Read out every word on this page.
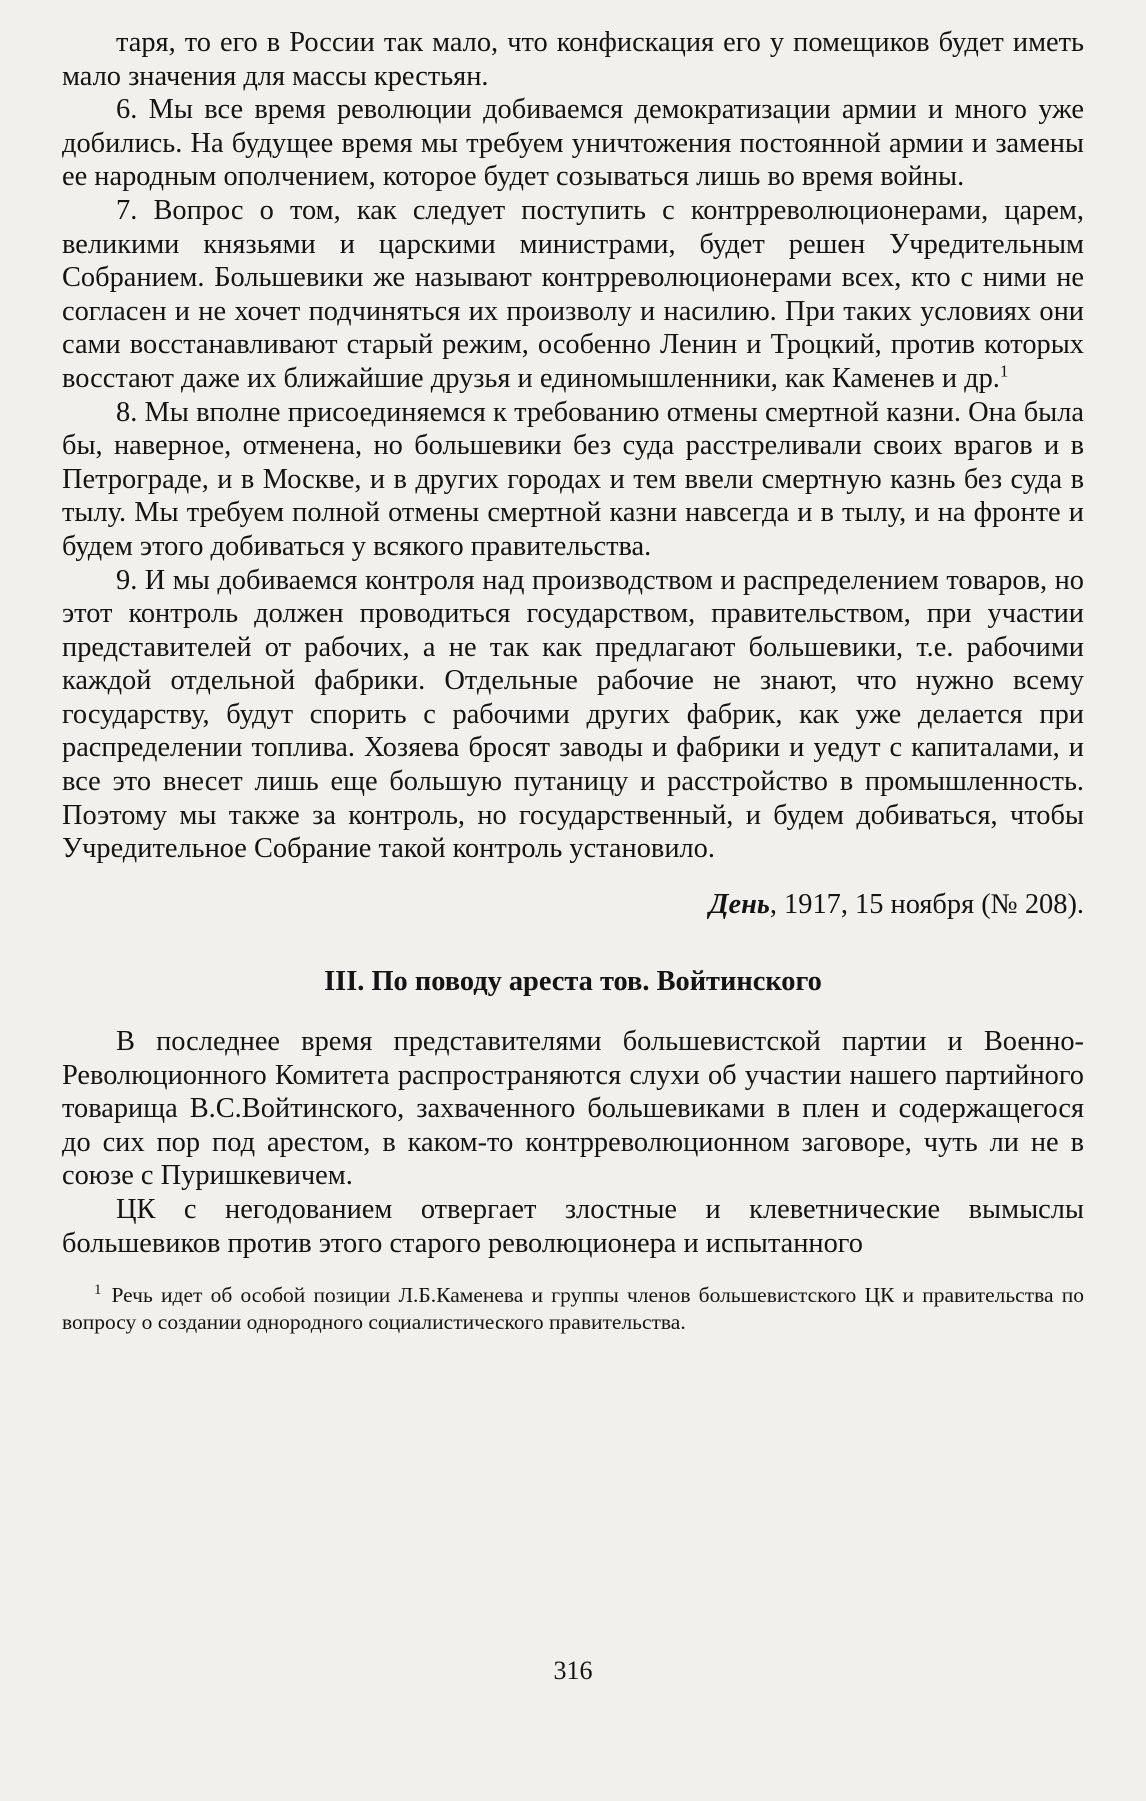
таря, то его в России так мало, что конфискация его у помещиков будет иметь мало значения для массы крестьян.

6. Мы все время революции добиваемся демократизации армии и много уже добились. На будущее время мы требуем уничтожения постоянной армии и замены ее народным ополчением, которое будет созываться лишь во время войны.

7. Вопрос о том, как следует поступить с контрреволюционерами, царем, великими князьями и царскими министрами, будет решен Учредительным Собранием. Большевики же называют контрреволюционерами всех, кто с ними не согласен и не хочет подчиняться их произволу и насилию. При таких условиях они сами восстанавливают старый режим, особенно Ленин и Троцкий, против которых восстают даже их ближайшие друзья и единомышленники, как Каменев и др.$^1$

8. Мы вполне присоединяемся к требованию отмены смертной казни. Она была бы, наверное, отменена, но большевики без суда расстреливали своих врагов и в Петрограде, и в Москве, и в других городах и тем ввели смертную казнь без суда в тылу. Мы требуем полной отмены смертной казни навсегда и в тылу, и на фронте и будем этого добиваться у всякого правительства.

9. И мы добиваемся контроля над производством и распределением товаров, но этот контроль должен проводиться государством, правительством, при участии представителей от рабочих, а не так как предлагают большевики, т.е. рабочими каждой отдельной фабрики. Отдельные рабочие не знают, что нужно всему государству, будут спорить с рабочими других фабрик, как уже делается при распределении топлива. Хозяева бросят заводы и фабрики и уедут с капиталами, и все это внесет лишь еще большую путаницу и расстройство в промышленность. Поэтому мы также за контроль, но государственный, и будем добиваться, чтобы Учредительное Собрание такой контроль установило.

День, 1917, 15 ноября (№ 208).
III. По поводу ареста тов. Войтинского

В последнее время представителями большевистской партии и Военно-Революционного Комитета распространяются слухи об участии нашего партийного товарища В.С.Войтинского, захваченного большевиками в плен и содержащегося до сих пор под арестом, в каком-то контрреволюционном заговоре, чуть ли не в союзе с Пуришкевичем.

ЦК с негодованием отвергает злостные и клеветнические вымыслы большевиков против этого старого революционера и испытанного

$^1$ Речь идет об особой позиции Л.Б.Каменева и группы членов большевистского ЦК и правительства по вопросу о создании однородного социалистического правительства.
316
